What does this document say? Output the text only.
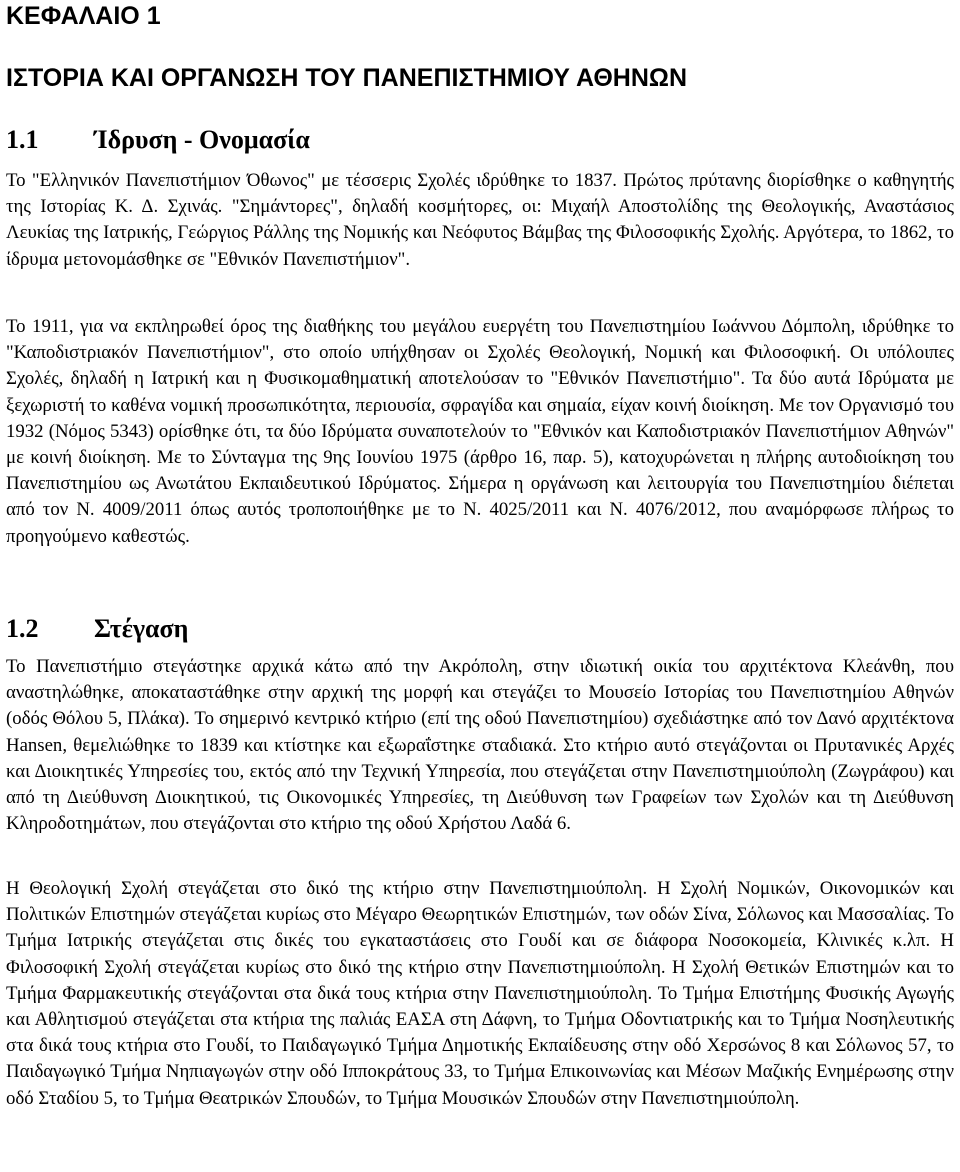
ΚΕΦΑΛΑΙΟ 1
ΙΣΤΟΡΙΑ ΚΑΙ ΟΡΓΑΝΩΣΗ ΤΟΥ ΠΑΝΕΠΙΣΤΗΜΙΟΥ ΑΘΗΝΩΝ
1.1 Ίδρυση - Ονομασία

Το "Ελληνικόν Πανεπιστήμιον Όθωνος" με τέσσερις Σχολές ιδρύθηκε το 1837. Πρώτος πρύτανης διορίσθηκε ο καθηγητής της Ιστορίας Κ. Δ. Σχινάς. "Σημάντορες", δηλαδή κοσμήτορες, οι: Μιχαήλ Αποστολίδης της Θεολογικής, Αναστάσιος Λευκίας της Ιατρικής, Γεώργιος Ράλλης της Νομικής και Νεόφυτος Βάμβας της Φιλοσοφικής Σχολής. Αργότερα, το 1862, το ίδρυμα μετονομάσθηκε σε "Εθνικόν Πανεπιστήμιον".

Το 1911, για να εκπληρωθεί όρος της διαθήκης του μεγάλου ευεργέτη του Πανεπιστημίου Ιωάννου Δόμπολη, ιδρύθηκε το "Καποδιστριακόν Πανεπιστήμιον", στο οποίο υπήχθησαν οι Σχολές Θεολογική, Νομική και Φιλοσοφική. Οι υπόλοιπες Σχολές, δηλαδή η Ιατρική και η Φυσικομαθηματική αποτελούσαν το "Εθνικόν Πανεπιστήμιο". Τα δύο αυτά Ιδρύματα με ξεχωριστή το καθένα νομική προσωπικότητα, περιουσία, σφραγίδα και σημαία, είχαν κοινή διοίκηση. Με τον Οργανισμό του 1932 (Νόμος 5343) ορίσθηκε ότι, τα δύο Ιδρύματα συναποτελούν το "Εθνικόν και Καποδιστριακόν Πανεπιστήμιον Αθηνών" με κοινή διοίκηση. Με το Σύνταγμα της 9ης Ιουνίου 1975 (άρθρο 16, παρ. 5), κατοχυρώνεται η πλήρης αυτοδιοίκηση του Πανεπιστημίου ως Ανωτάτου Εκπαιδευτικού Ιδρύματος. Σήμερα η οργάνωση και λειτουργία του Πανεπιστημίου διέπεται από τον Ν. 4009/2011 όπως αυτός τροποποιήθηκε με το Ν. 4025/2011 και Ν. 4076/2012, που αναμόρφωσε πλήρως το προηγούμενο καθεστώς.

1.2 Στέγαση

Το Πανεπιστήμιο στεγάστηκε αρχικά κάτω από την Ακρόπολη, στην ιδιωτική οικία του αρχιτέκτονα Κλεάνθη, που αναστηλώθηκε, αποκαταστάθηκε στην αρχική της μορφή και στεγάζει το Μουσείο Ιστορίας του Πανεπιστημίου Αθηνών (οδός Θόλου 5, Πλάκα). Το σημερινό κεντρικό κτήριο (επί της οδού Πανεπιστημίου) σχεδιάστηκε από τον Δανό αρχιτέκτονα Hansen, θεμελιώθηκε το 1839 και κτίστηκε και εξωραΐστηκε σταδιακά. Στο κτήριο αυτό στεγάζονται οι Πρυτανικές Αρχές και Διοικητικές Υπηρεσίες του, εκτός από την Τεχνική Υπηρεσία, που στεγάζεται στην Πανεπιστημιούπολη (Ζωγράφου) και από τη Διεύθυνση Διοικητικού, τις Οικονομικές Υπηρεσίες, τη Διεύθυνση των Γραφείων των Σχολών και τη Διεύθυνση Κληροδοτημάτων, που στεγάζονται στο κτήριο της οδού Χρήστου Λαδά 6.

Η Θεολογική Σχολή στεγάζεται στο δικό της κτήριο στην Πανεπιστημιούπολη. Η Σχολή Νομικών, Οικονομικών και Πολιτικών Επιστημών στεγάζεται κυρίως στο Μέγαρο Θεωρητικών Επιστημών, των οδών Σίνα, Σόλωνος και Μασσαλίας. Το Τμήμα Ιατρικής στεγάζεται στις δικές του εγκαταστάσεις στο Γουδί και σε διάφορα Νοσοκομεία, Κλινικές κ.λπ. Η Φιλοσοφική Σχολή στεγάζεται κυρίως στο δικό της κτήριο στην Πανεπιστημιούπολη. Η Σχολή Θετικών Επιστημών και το Τμήμα Φαρμακευτικής στεγάζονται στα δικά τους κτήρια στην Πανεπιστημιούπολη. Το Τμήμα Επιστήμης Φυσικής Αγωγής και Αθλητισμού στεγάζεται στα κτήρια της παλιάς ΕΑΣΑ στη Δάφνη, το Τμήμα Οδοντιατρικής και το Τμήμα Νοσηλευτικής στα δικά τους κτήρια στο Γουδί, το Παιδαγωγικό Τμήμα Δημοτικής Εκπαίδευσης στην οδό Χερσώνος 8 και Σόλωνος 57, το Παιδαγωγικό Τμήμα Νηπιαγωγών στην οδό Ιπποκράτους 33, το Τμήμα Επικοινωνίας και Μέσων Μαζικής Ενημέρωσης στην οδό Σταδίου 5, το Τμήμα Θεατρικών Σπουδών, το Τμήμα Μουσικών Σπουδών στην Πανεπιστημιούπολη.
